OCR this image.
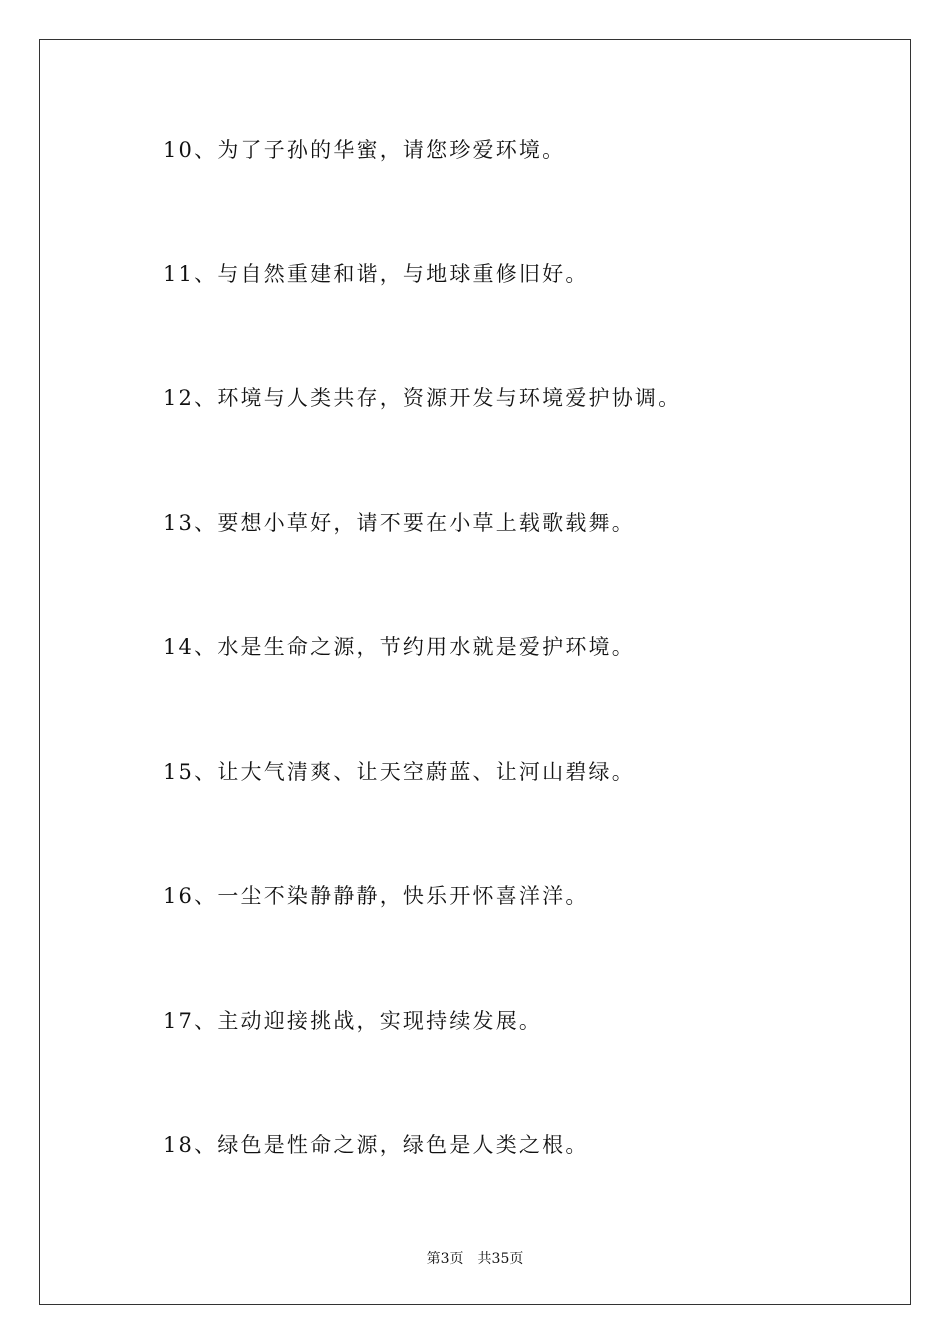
10、为了子孙的华蜜，请您珍爱环境。
11、与自然重建和谐，与地球重修旧好。
12、环境与人类共存，资源开发与环境爱护协调。
13、要想小草好，请不要在小草上载歌载舞。
14、水是生命之源，节约用水就是爱护环境。
15、让大气清爽、让天空蔚蓝、让河山碧绿。
16、一尘不染静静静，快乐开怀喜洋洋。
17、主动迎接挑战，实现持续发展。
18、绿色是性命之源，绿色是人类之根。
第3页　共35页
